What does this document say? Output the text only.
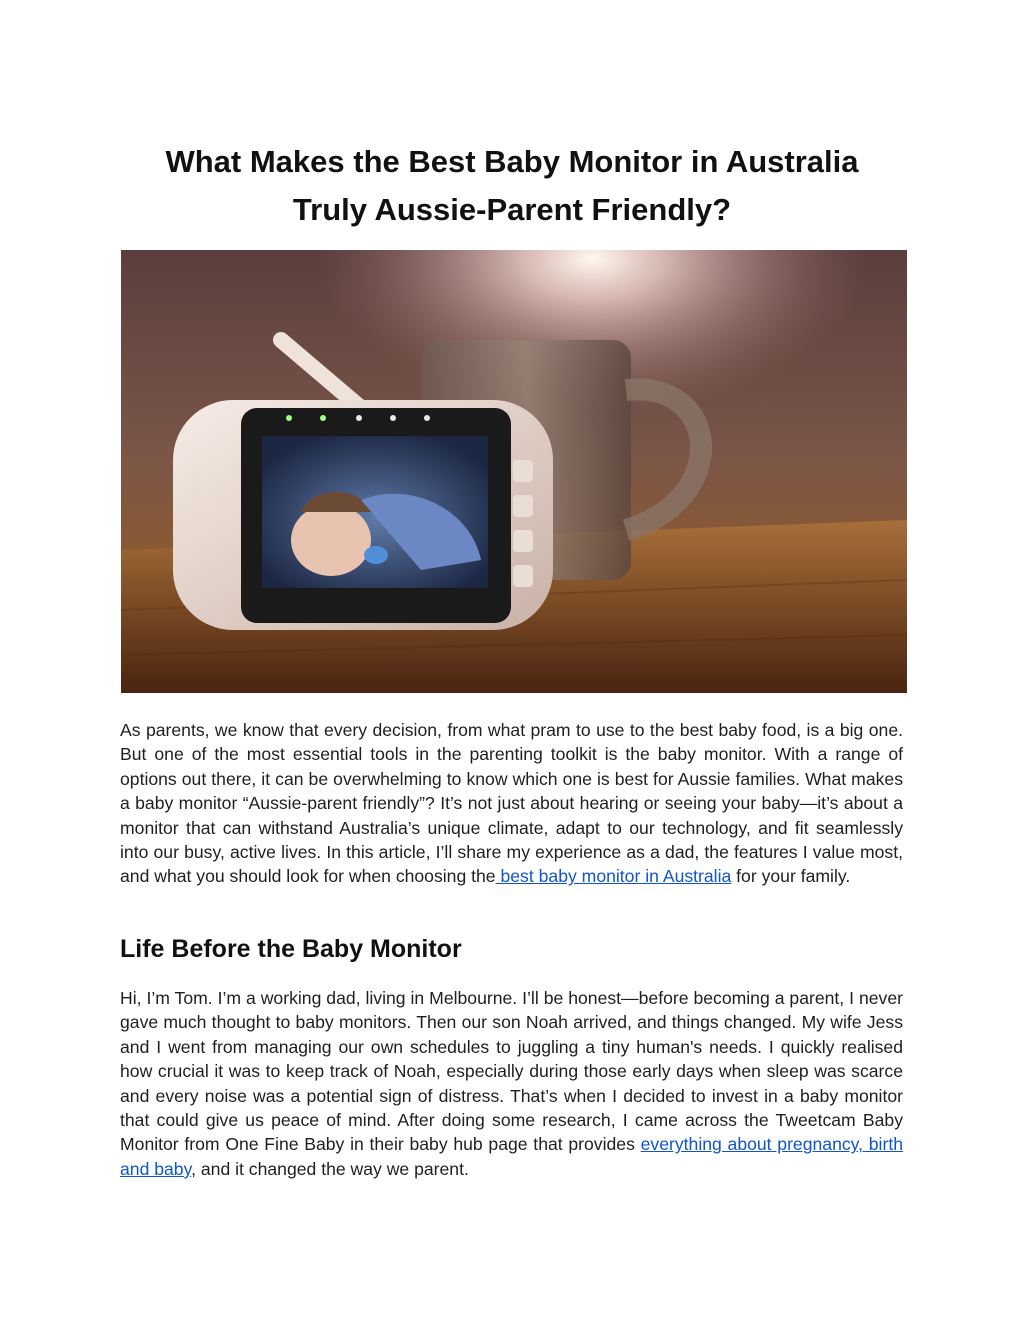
What Makes the Best Baby Monitor in Australia
Truly Aussie-Parent Friendly?

As parents, we know that every decision, from what pram to use to the best baby food, is a big one. But one of the most essential tools in the parenting toolkit is the baby monitor. With a range of options out there, it can be overwhelming to know which one is best for Aussie families. What makes a baby monitor “Aussie-parent friendly”? It’s not just about hearing or seeing your baby—it’s about a monitor that can withstand Australia’s unique climate, adapt to our technology, and fit seamlessly into our busy, active lives. In this article, I’ll share my experience as a dad, the features I value most, and what you should look for when choosing the best baby monitor in Australia for your family.

Life Before the Baby Monitor

Hi, I’m Tom. I’m a working dad, living in Melbourne. I’ll be honest—before becoming a parent, I never gave much thought to baby monitors. Then our son Noah arrived, and things changed. My wife Jess and I went from managing our own schedules to juggling a tiny human's needs. I quickly realised how crucial it was to keep track of Noah, especially during those early days when sleep was scarce and every noise was a potential sign of distress. That’s when I decided to invest in a baby monitor that could give us peace of mind. After doing some research, I came across the Tweetcam Baby Monitor from One Fine Baby in their baby hub page that provides everything about pregnancy, birth and baby, and it changed the way we parent.
